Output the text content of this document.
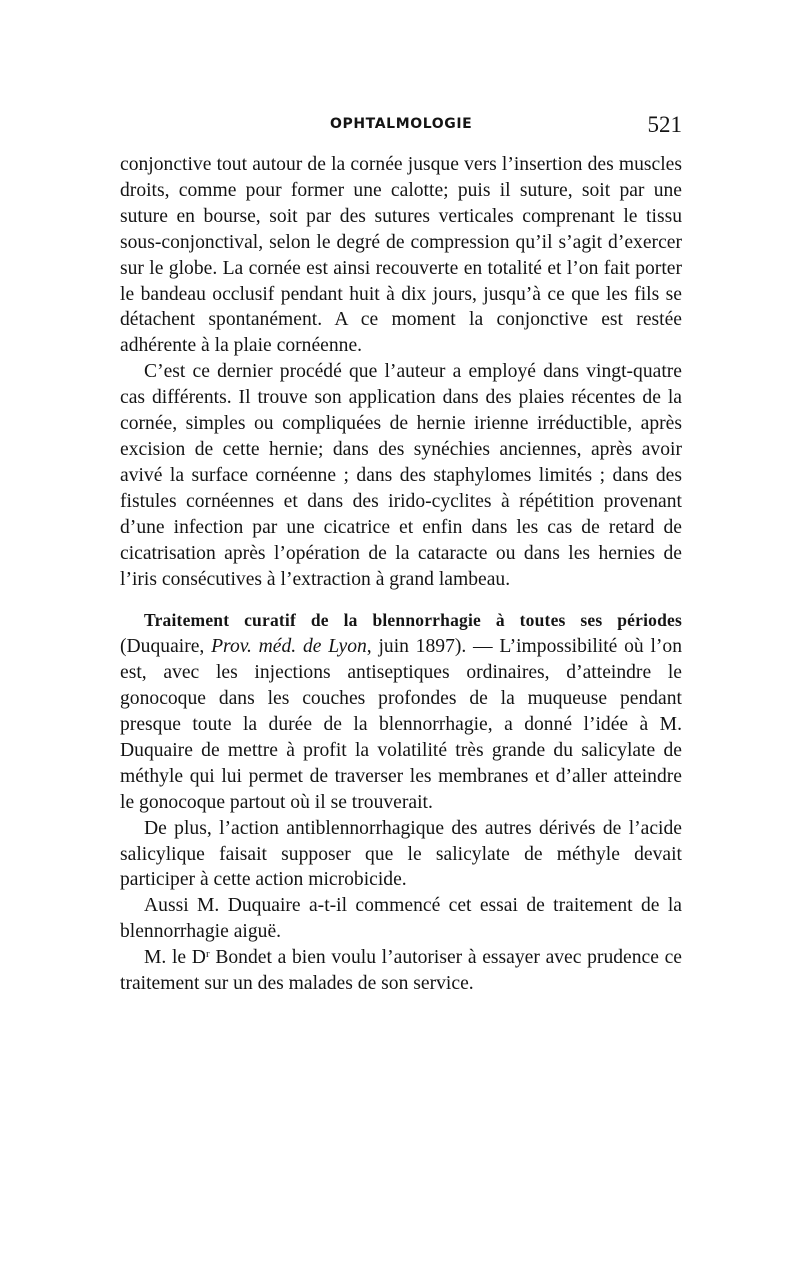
OPHTALMOLOGIE	521

conjonctive tout autour de la cornée jusque vers l’insertion des muscles droits, comme pour former une calotte; puis il suture, soit par une suture en bourse, soit par des sutures verticales comprenant le tissu sous-conjonctival, selon le degré de compression qu’il s’agit d’exercer sur le globe. La cornée est ainsi recouverte en totalité et l’on fait porter le bandeau occlusif pendant huit à dix jours, jusqu’à ce que les fils se détachent spontanément. A ce moment la conjonctive est restée adhérente à la plaie cornéenne.

C’est ce dernier procédé que l’auteur a employé dans vingt-quatre cas différents. Il trouve son application dans des plaies récentes de la cornée, simples ou compliquées de hernie irienne irréductible, après excision de cette hernie; dans des synéchies anciennes, après avoir avivé la surface cornéenne ; dans des staphylomes limités ; dans des fistules cornéennes et dans des irido-cyclites à répétition provenant d’une infection par une cicatrice et enfin dans les cas de retard de cicatrisation après l’opération de la cataracte ou dans les hernies de l’iris consécutives à l’extraction à grand lambeau.

Traitement curatif de la blennorrhagie à toutes ses périodes (Duquaire, Prov. méd. de Lyon, juin 1897). — L’impossibilité où l’on est, avec les injections antiseptiques ordinaires, d’atteindre le gonocoque dans les couches profondes de la muqueuse pendant presque toute la durée de la blennorrhagie, a donné l’idée à M. Duquaire de mettre à profit la volatilité très grande du salicylate de méthyle qui lui permet de traverser les membranes et d’aller atteindre le gonocoque partout où il se trouverait.

De plus, l’action antiblennorrhagique des autres dérivés de l’acide salicylique faisait supposer que le salicylate de méthyle devait participer à cette action microbicide.

Aussi M. Duquaire a-t-il commencé cet essai de traitement de la blennorrhagie aiguë.

M. le $D^r$ Bondet a bien voulu l’autoriser à essayer avec prudence ce traitement sur un des malades de son service.
